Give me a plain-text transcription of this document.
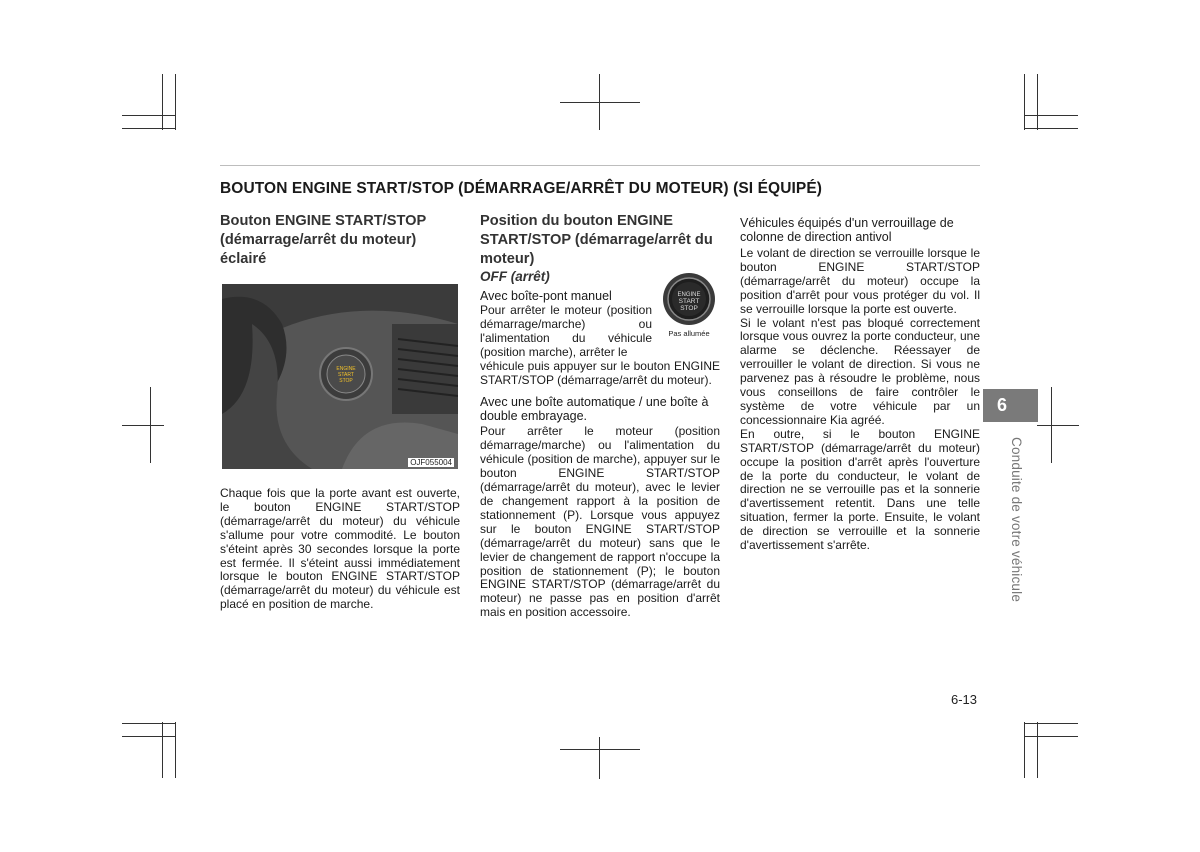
BOUTON ENGINE START/STOP (DÉMARRAGE/ARRÊT DU MOTEUR) (SI ÉQUIPÉ)
Bouton ENGINE START/STOP (démarrage/arrêt du moteur) éclairé
ENGINE
START
STOP
OJF055004

Chaque fois que la porte avant est ouverte, le bouton ENGINE START/STOP (démarrage/arrêt du moteur) du véhicule s'allume pour votre commodité. Le bouton s'éteint après 30 secondes lorsque la porte est fermée. Il s'éteint aussi immédiatement lorsque le bouton ENGINE START/STOP (démarrage/arrêt du moteur) du véhicule est placé en position de marche.

Position du bouton ENGINE START/STOP (démarrage/arrêt du moteur)
OFF (arrêt)

Avec boîte-pont manuel

Pour arrêter le moteur (position démarrage/marche) ou l'alimentation du véhicule (position marche), arrêter le

véhicule puis appuyer sur le bouton ENGINE START/STOP (démarrage/arrêt du moteur).

Avec une boîte automatique / une boîte à double embrayage.

Pour arrêter le moteur (position démarrage/marche) ou l'alimentation du véhicule (position de marche), appuyer sur le bouton ENGINE START/STOP (démarrage/arrêt du moteur), avec le levier de changement rapport à la position de stationnement (P). Lorsque vous appuyez sur le bouton ENGINE START/STOP (démarrage/arrêt du moteur) sans que le levier de changement de rapport n'occupe la position de stationnement (P); le bouton ENGINE START/STOP (démarrage/arrêt du moteur) ne passe pas en position d'arrêt mais en position accessoire.

ENGINE
START
STOP
Pas allumée

Véhicules équipés d'un verrouillage de colonne de direction antivol

Le volant de direction se verrouille lorsque le bouton ENGINE START/STOP (démarrage/arrêt du moteur) occupe la position d'arrêt pour vous protéger du vol. Il se verrouille lorsque la porte est ouverte.

Si le volant n'est pas bloqué correctement lorsque vous ouvrez la porte conducteur, une alarme se déclenche. Réessayer de verrouiller le volant de direction. Si vous ne parvenez pas à résoudre le problème, nous vous conseillons de faire contrôler le système de votre véhicule par un concessionnaire Kia agréé.

En outre, si le bouton ENGINE START/STOP (démarrage/arrêt du moteur) occupe la position d'arrêt après l'ouverture de la porte du conducteur, le volant de direction ne se verrouille pas et la sonnerie d'avertissement retentit. Dans une telle situation, fermer la porte. Ensuite, le volant de direction se verrouille et la sonnerie d'avertissement s'arrête.

6
Conduite de votre véhicule
6-13
